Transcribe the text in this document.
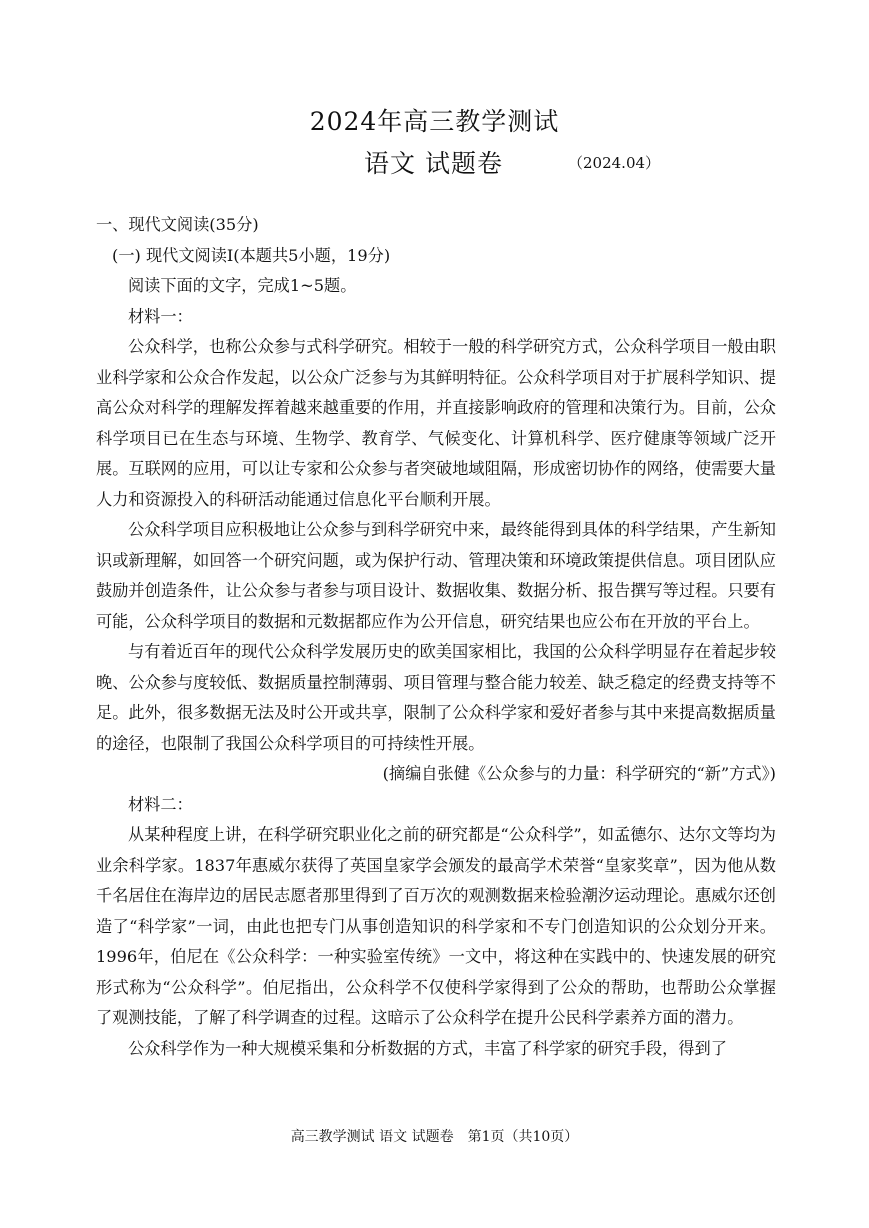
2024年高三教学测试
语文 试题卷	（2024.04）

一、现代文阅读(35分)

(一) 现代文阅读Ⅰ(本题共5小题，19分)

阅读下面的文字，完成1~5题。

材料一：

公众科学，也称公众参与式科学研究。相较于一般的科学研究方式，公众科学项目一般由职业科学家和公众合作发起，以公众广泛参与为其鲜明特征。公众科学项目对于扩展科学知识、提高公众对科学的理解发挥着越来越重要的作用，并直接影响政府的管理和决策行为。目前，公众科学项目已在生态与环境、生物学、教育学、气候变化、计算机科学、医疗健康等领域广泛开展。互联网的应用，可以让专家和公众参与者突破地域阻隔，形成密切协作的网络，使需要大量人力和资源投入的科研活动能通过信息化平台顺利开展。

公众科学项目应积极地让公众参与到科学研究中来，最终能得到具体的科学结果，产生新知识或新理解，如回答一个研究问题，或为保护行动、管理决策和环境政策提供信息。项目团队应鼓励并创造条件，让公众参与者参与项目设计、数据收集、数据分析、报告撰写等过程。只要有可能，公众科学项目的数据和元数据都应作为公开信息，研究结果也应公布在开放的平台上。

与有着近百年的现代公众科学发展历史的欧美国家相比，我国的公众科学明显存在着起步较晚、公众参与度较低、数据质量控制薄弱、项目管理与整合能力较差、缺乏稳定的经费支持等不足。此外，很多数据无法及时公开或共享，限制了公众科学家和爱好者参与其中来提高数据质量的途径，也限制了我国公众科学项目的可持续性开展。

(摘编自张健《公众参与的力量：科学研究的“新”方式》)

材料二：

从某种程度上讲，在科学研究职业化之前的研究都是“公众科学”，如孟德尔、达尔文等均为业余科学家。1837年惠威尔获得了英国皇家学会颁发的最高学术荣誉“皇家奖章”，因为他从数千名居住在海岸边的居民志愿者那里得到了百万次的观测数据来检验潮汐运动理论。惠威尔还创造了“科学家”一词，由此也把专门从事创造知识的科学家和不专门创造知识的公众划分开来。1996年，伯尼在《公众科学：一种实验室传统》一文中，将这种在实践中的、快速发展的研究形式称为“公众科学”。伯尼指出，公众科学不仅使科学家得到了公众的帮助，也帮助公众掌握了观测技能，了解了科学调查的过程。这暗示了公众科学在提升公民科学素养方面的潜力。

公众科学作为一种大规模采集和分析数据的方式，丰富了科学家的研究手段，得到了

高三教学测试 语文 试题卷　第1页（共10页）
